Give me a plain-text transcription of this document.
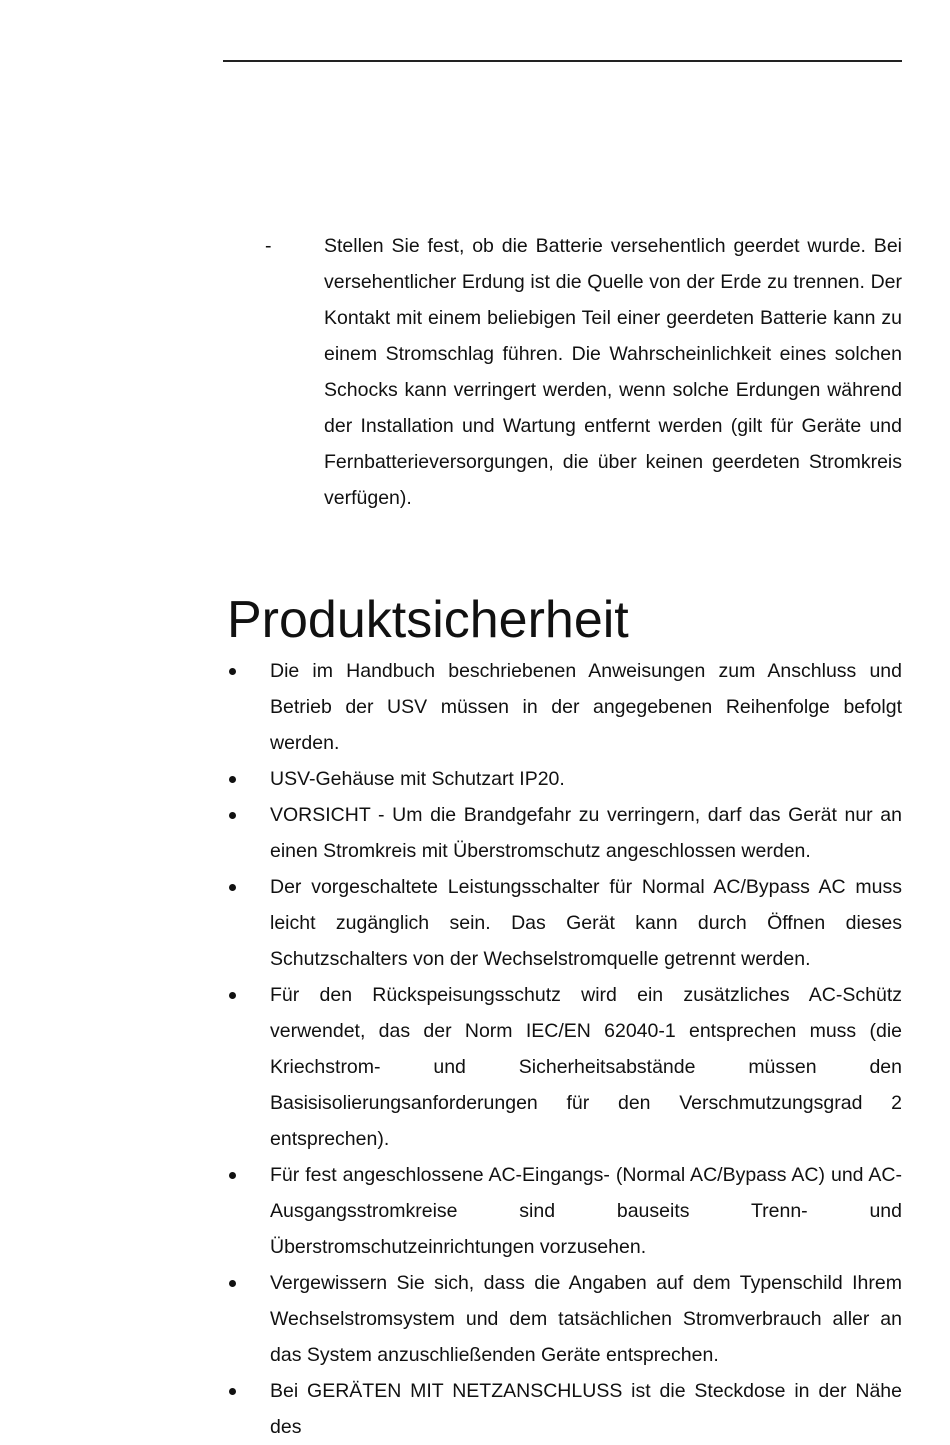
-	Stellen Sie fest, ob die Batterie versehentlich geerdet wurde. Bei versehentlicher Erdung ist die Quelle von der Erde zu trennen. Der Kontakt mit einem beliebigen Teil einer geerdeten Batterie kann zu einem Stromschlag führen. Die Wahrscheinlichkeit eines solchen Schocks kann verringert werden, wenn solche Erdungen während der Installation und Wartung entfernt werden (gilt für Geräte und Fernbatterieversorgungen, die über keinen geerdeten Stromkreis verfügen).
Produktsicherheit
Die im Handbuch beschriebenen Anweisungen zum Anschluss und Betrieb der USV müssen in der angegebenen Reihenfolge befolgt werden.
USV-Gehäuse mit Schutzart IP20.
VORSICHT - Um die Brandgefahr zu verringern, darf das Gerät nur an einen Stromkreis mit Überstromschutz angeschlossen werden.
Der vorgeschaltete Leistungsschalter für Normal AC/Bypass AC muss leicht zugänglich sein. Das Gerät kann durch Öffnen dieses Schutzschalters von der Wechselstromquelle getrennt werden.
Für den Rückspeisungsschutz wird ein zusätzliches AC-Schütz verwendet, das der Norm IEC/EN 62040-1 entsprechen muss (die Kriechstrom- und Sicherheitsabstände müssen den Basisisolierungsanforderungen für den Verschmutzungsgrad 2 entsprechen).
Für fest angeschlossene AC-Eingangs- (Normal AC/Bypass AC) und AC-Ausgangsstromkreise sind bauseits Trenn- und Überstromschutzeinrichtungen vorzusehen.
Vergewissern Sie sich, dass die Angaben auf dem Typenschild Ihrem Wechselstromsystem und dem tatsächlichen Stromverbrauch aller an das System anzuschließenden Geräte entsprechen.
Bei GERÄTEN MIT NETZANSCHLUSS ist die Steckdose in der Nähe des
